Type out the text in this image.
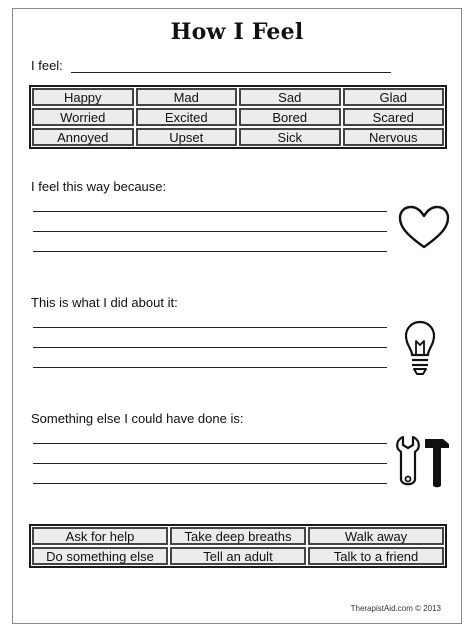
How I Feel
I feel:
Happy	Mad	Sad	Glad
Worried	Excited	Bored	Scared
Annoyed	Upset	Sick	Nervous
I feel this way because:
This is what I did about it:
Something else I could have done is:
Ask for help	Take deep breaths	Walk away
Do something else	Tell an adult	Talk to a friend
TherapistAid.com © 2013
